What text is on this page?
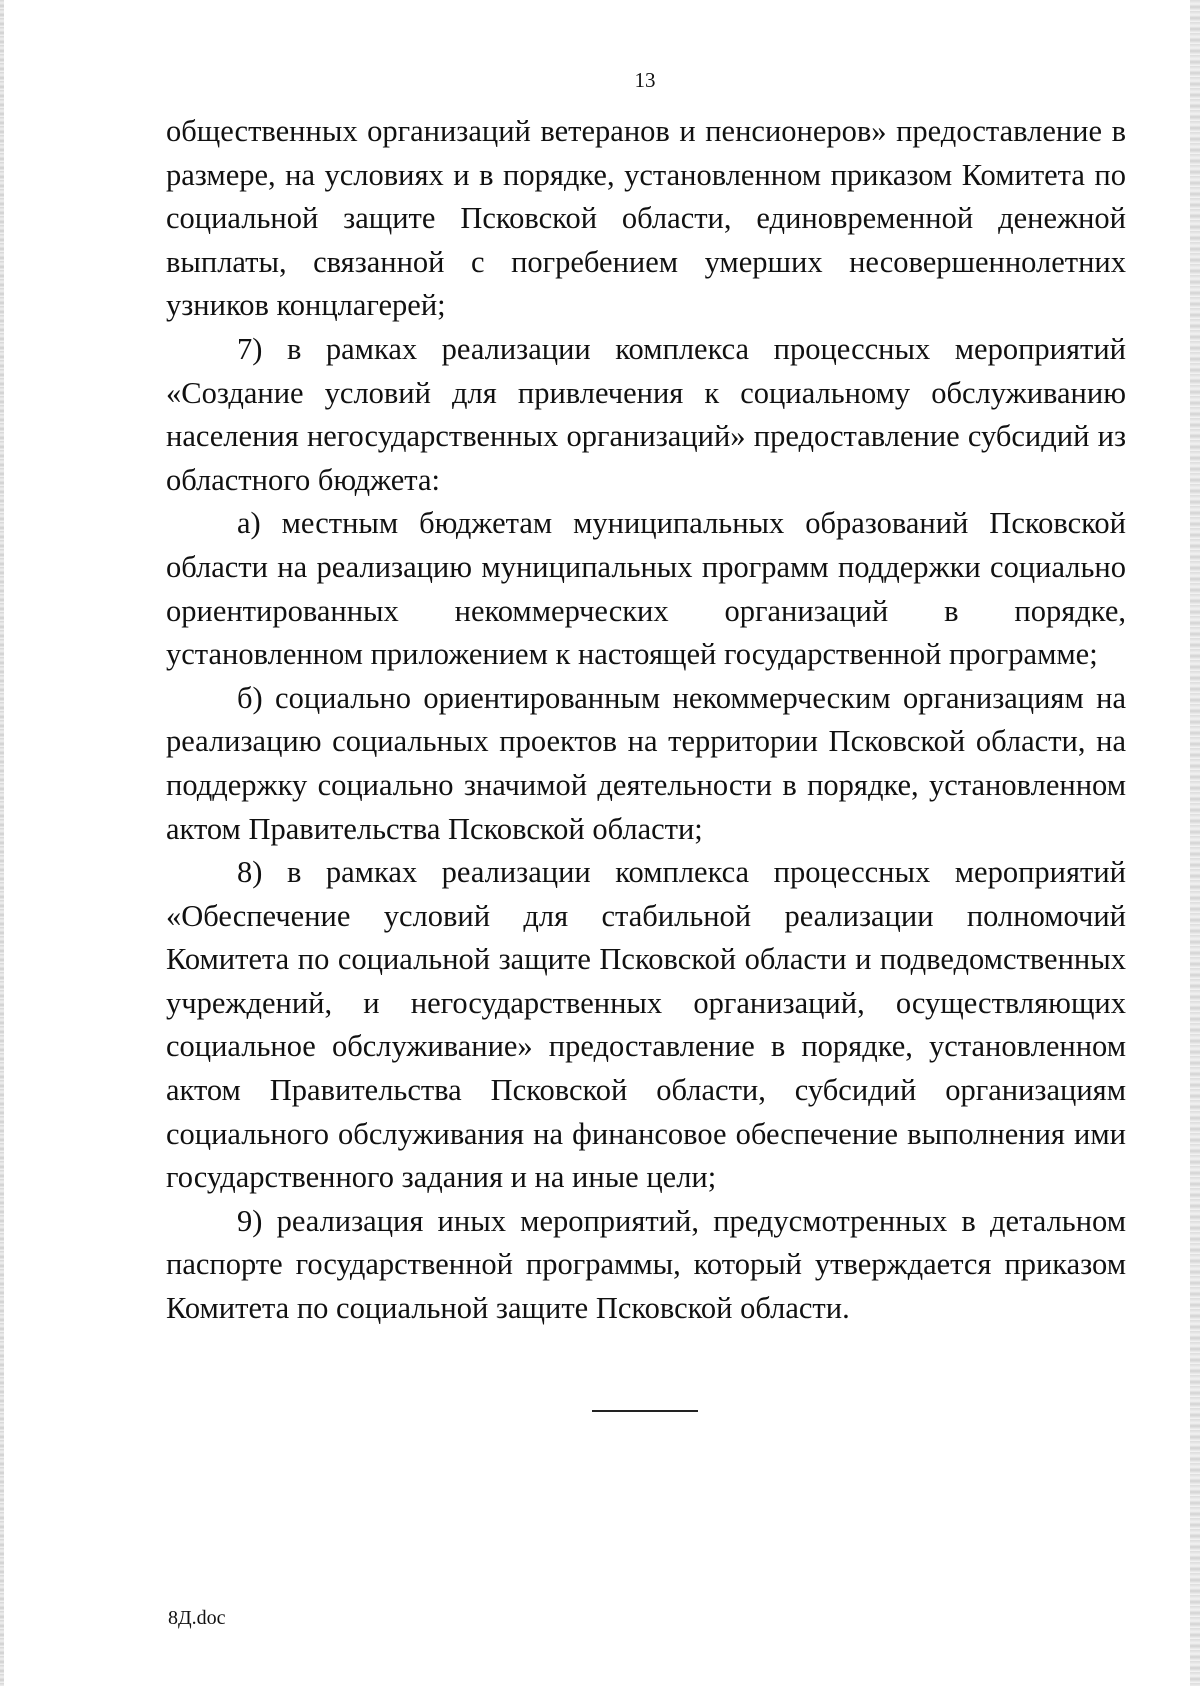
13

общественных организаций ветеранов и пенсионеров» предоставление в размере, на условиях и в порядке, установленном приказом Комитета по социальной защите Псковской области, единовременной денежной выплаты, связанной с погребением умерших несовершеннолетних узников концлагерей;

7) в рамках реализации комплекса процессных мероприятий «Создание условий для привлечения к социальному обслуживанию населения негосударственных организаций» предоставление субсидий из областного бюджета:

а) местным бюджетам муниципальных образований Псковской области на реализацию муниципальных программ поддержки социально ориентированных некоммерческих организаций в порядке, установленном приложением к настоящей государственной программе;

б) социально ориентированным некоммерческим организациям на реализацию социальных проектов на территории Псковской области, на поддержку социально значимой деятельности в порядке, установленном актом Правительства Псковской области;

8) в рамках реализации комплекса процессных мероприятий «Обеспечение условий для стабильной реализации полномочий Комитета по социальной защите Псковской области и подведомственных учреждений, и негосударственных организаций, осуществляющих социальное обслуживание» предоставление в порядке, установленном актом Правительства Псковской области, субсидий организациям социального обслуживания на финансовое обеспечение выполнения ими государственного задания и на иные цели;

9) реализация иных мероприятий, предусмотренных в детальном паспорте государственной программы, который утверждается приказом Комитета по социальной защите Псковской области.

8Д.doc
